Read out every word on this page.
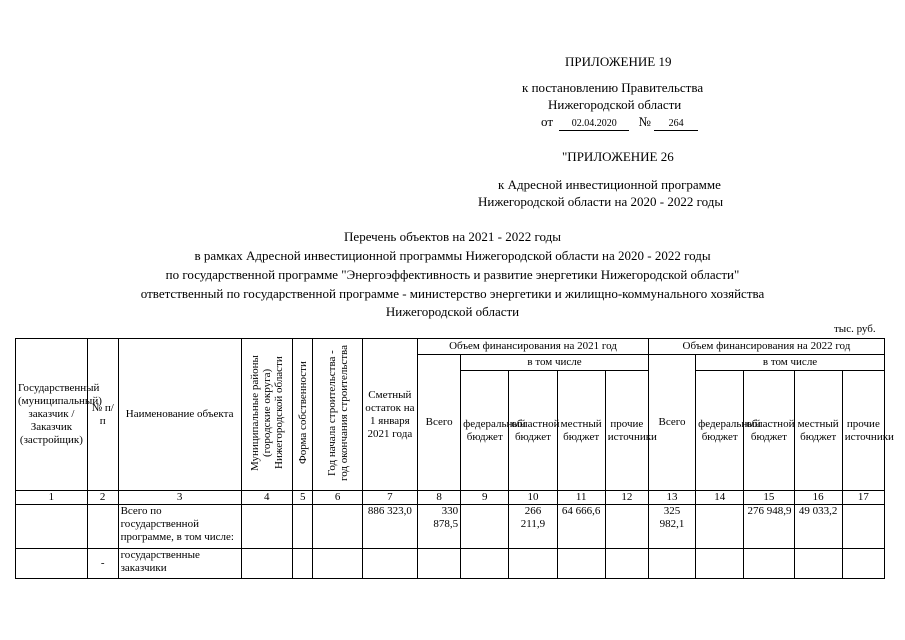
ПРИЛОЖЕНИЕ 19
к постановлению Правительства
Нижегородской области
от 02.04.2020 № 264
"ПРИЛОЖЕНИЕ 26
к Адресной инвестиционной программе
Нижегородской области на 2020 - 2022 годы
Перечень объектов на 2021 - 2022 годы
в рамках Адресной инвестиционной программы Нижегородской области на 2020 - 2022 годы
по государственной программе "Энергоэффективность и развитие энергетики Нижегородской области"
ответственный по государственной программе - министерство энергетики и жилищно-коммунального хозяйства
Нижегородской области
тыс. руб.
Государственный (муниципальный) заказчик / Заказчик (застройщик)	№ п/п	Наименование объекта	Муниципальные районы (городские округа) Нижегородской области	Форма собственности	Год начала строительства - год окончания строительства	Сметный остаток на 1 января 2021 года	Объем финансирования на 2021 год					Объем финансирования на 2022 год				
							Всего	в том числе				Всего	в том числе			
								федеральный бюджет	областной бюджет	местный бюджет	прочие источники		федеральный бюджет	областной бюджет	местный бюджет	прочие источники
1	2	3	4	5	6	7	8	9	10	11	12	13	14	15	16	17
		Всего по государственной программе, в том числе:				886 323,0	330 878,5		266 211,9	64 666,6		325 982,1		276 948,9	49 033,2	
	-	государственные заказчики														
